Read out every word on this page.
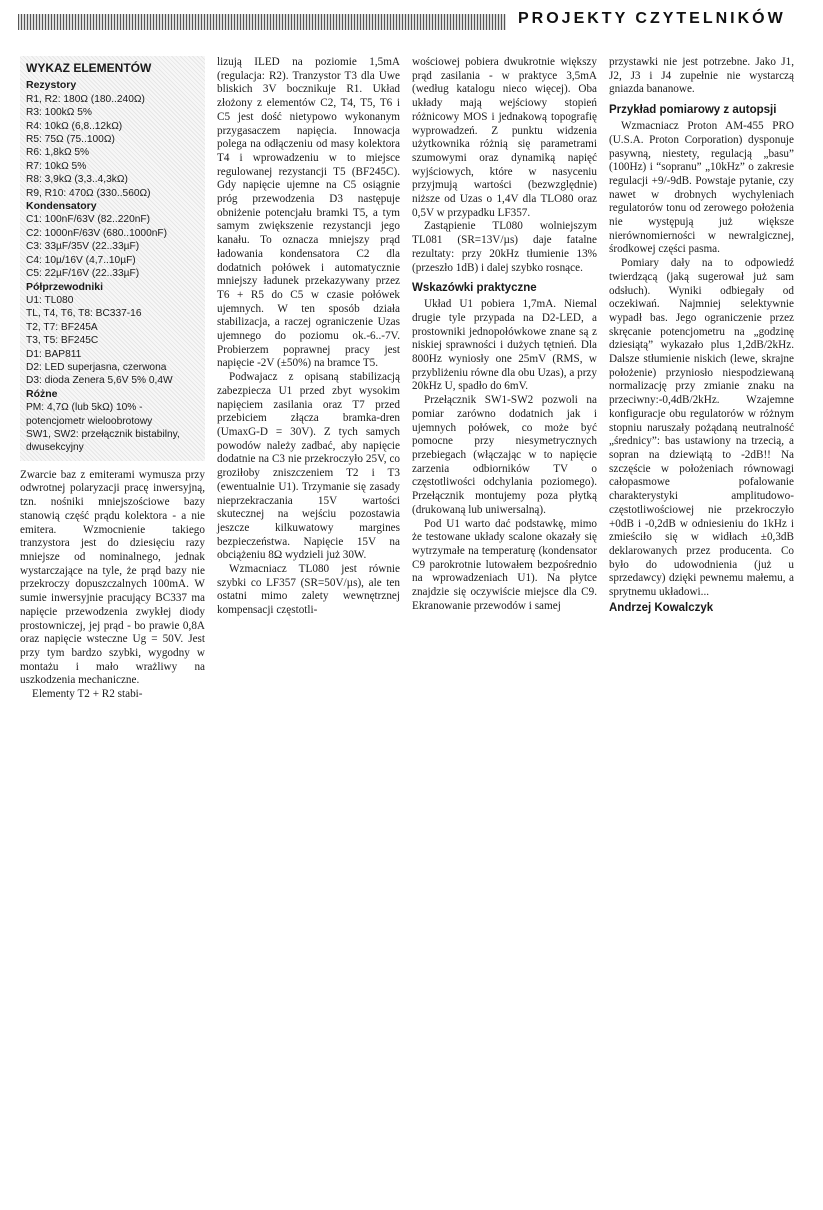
PROJEKTY CZYTELNIKÓW
WYKAZ ELEMENTÓW
Rezystory
R1, R2: 180Ω (180..240Ω)
R3: 100kΩ 5%
R4: 10kΩ (6,8..12kΩ)
R5: 75Ω (75..100Ω)
R6: 1,8kΩ 5%
R7: 10kΩ 5%
R8: 3,9kΩ (3,3..4,3kΩ)
R9, R10: 470Ω (330..560Ω)
Kondensatory
C1: 100nF/63V (82..220nF)
C2: 1000nF/63V (680..1000nF)
C3: 33µF/35V (22..33µF)
C4: 10µ/16V (4,7..10µF)
C5: 22µF/16V (22..33µF)
Półprzewodniki
U1: TL080
TL, T4, T6, T8: BC337-16
T2, T7: BF245A
T3, T5: BF245C
D1: BAP811
D2: LED superjasna, czerwona
D3: dioda Zenera 5,6V 5% 0,4W
Różne
PM: 4,7Ω (lub 5kΩ) 10% - potencjometr wieloobrotowy
SW1, SW2: przełącznik bistabilny, dwusekcyjny

Zwarcie baz z emiterami wymusza przy odwrotnej polaryzacji pracę inwersyjną, tzn. nośniki mniejszościowe bazy stanowią część prądu kolektora - a nie emitera. Wzmocnienie takiego tranzystora jest do dziesięciu razy mniejsze od nominalnego, jednak wystarczające na tyle, że prąd bazy nie przekroczy dopuszczalnych 100mA. W sumie inwersyjnie pracujący BC337 ma napięcie przewodzenia zwykłej diody prostowniczej, jej prąd - bo prawie 0,8A oraz napięcie wsteczne Ug = 50V. Jest przy tym bardzo szybki, wygodny w montażu i mało wrażliwy na uszkodzenia mechaniczne.

Elementy T2 + R2 stabi-

lizują ILED na poziomie 1,5mA (regulacja: R2). Tranzystor T3 dla Uwe bliskich 3V bocznikuje R1. Układ złożony z elementów C2, T4, T5, T6 i C5 jest dość nietypowo wykonanym przygasaczem napięcia. Innowacja polega na odłączeniu od masy kolektora T4 i wprowadzeniu w to miejsce regulowanej rezystancji T5 (BF245C). Gdy napięcie ujemne na C5 osiągnie próg przewodzenia D3 następuje obniżenie potencjału bramki T5, a tym samym zwiększenie rezystancji jego kanału. To oznacza mniejszy prąd ładowania kondensatora C2 dla dodatnich połówek i automatycznie mniejszy ładunek przekazywany przez T6 + R5 do C5 w czasie połówek ujemnych. W ten sposób działa stabilizacja, a raczej ograniczenie Uzas ujemnego do poziomu ok.-6..-7V. Probierzem poprawnej pracy jest napięcie -2V (±50%) na bramce T5.

Podwajacz z opisaną stabilizacją zabezpiecza U1 przed zbyt wysokim napięciem zasilania oraz T7 przed przebiciem złącza bramka-dren (UmaxG-D = 30V). Z tych samych powodów należy zadbać, aby napięcie dodatnie na C3 nie przekroczyło 25V, co groziłoby zniszczeniem T2 i T3 (ewentualnie U1). Trzymanie się zasady nieprzekraczania 15V wartości skutecznej na wejściu pozostawia jeszcze kilkuwatowy margines bezpieczeństwa. Napięcie 15V na obciążeniu 8Ω wydzieli już 30W.

Wzmacniacz TL080 jest równie szybki co LF357 (SR=50V/µs), ale ten ostatni mimo zalety wewnętrznej kompensacji częstotli-

wościowej pobiera dwukrotnie większy prąd zasilania - w praktyce 3,5mA (według katalogu nieco więcej). Oba układy mają wejściowy stopień różnicowy MOS i jednakową topografię wyprowadzeń. Z punktu widzenia użytkownika różnią się parametrami szumowymi oraz dynamiką napięć wyjściowych, które w nasyceniu przyjmują wartości (bezwzględnie) niższe od Uzas o 1,4V dla TLO80 oraz 0,5V w przypadku LF357.

Zastąpienie TL080 wolniejszym TL081 (SR=13V/µs) daje fatalne rezultaty: przy 20kHz tłumienie 13% (przeszło 1dB) i dalej szybko rosnące.

Wskazówki praktyczne

Układ U1 pobiera 1,7mA. Niemal drugie tyle przypada na D2-LED, a prostowniki jednopołówkowe znane są z niskiej sprawności i dużych tętnień. Dla 800Hz wyniosły one 25mV (RMS, w przybliżeniu równe dla obu Uzas), a przy 20kHz U, spadło do 6mV.

Przełącznik SW1-SW2 pozwoli na pomiar zarówno dodatnich jak i ujemnych połówek, co może być pomocne przy niesymetrycznych przebiegach (włączając w to napięcie zarzenia odbiorników TV o częstotliwości odchylania poziomego). Przełącznik montujemy poza płytką (drukowaną lub uniwersalną).

Pod U1 warto dać podstawkę, mimo że testowane układy scalone okazały się wytrzymałe na temperaturę (kondensator C9 parokrotnie lutowałem bezpośrednio na wprowadzeniach U1). Na płytce znajdzie się oczywiście miejsce dla C9. Ekranowanie przewodów i samej

przystawki nie jest potrzebne. Jako J1, J2, J3 i J4 zupełnie nie wystarczą gniazda bananowe.

Przykład pomiarowy z autopsji

Wzmacniacz Proton AM-455 PRO (U.S.A. Proton Corporation) dysponuje pasywną, niestety, regulacją „basu” (100Hz) i “sopranu” „10kHz” o zakresie regulacji +9/-9dB. Powstaje pytanie, czy nawet w drobnych wychyleniach regulatorów tonu od zerowego położenia nie występują już większe nierównomierności w newralgicznej, środkowej części pasma.

Pomiary dały na to odpowiedź twierdzącą (jaką sugerował już sam odsłuch). Wyniki odbiegały od oczekiwań. Najmniej selektywnie wypadł bas. Jego ograniczenie przez skręcanie potencjometru na „godzinę dziesiątą” wykazało plus 1,2dB/2kHz. Dalsze stłumienie niskich (lewe, skrajne położenie) przyniosło niespodziewaną normalizację przy zmianie znaku na przeciwny:-0,4dB/2kHz. Wzajemne konfiguracje obu regulatorów w różnym stopniu naruszały pożądaną neutralność „średnicy”: bas ustawiony na trzecią, a sopran na dziewiątą to -2dB!! Na szczęście w położeniach równowagi całopasmowe pofalowanie charakterystyki amplitudowo-częstotliwościowej nie przekroczyło +0dB i -0,2dB w odniesieniu do 1kHz i zmieściło się w widłach ±0,3dB deklarowanych przez producenta. Co było do udowodnienia (już u sprzedawcy) dzięki pewnemu małemu, a sprytnemu układowi...

Andrzej Kowalczyk
